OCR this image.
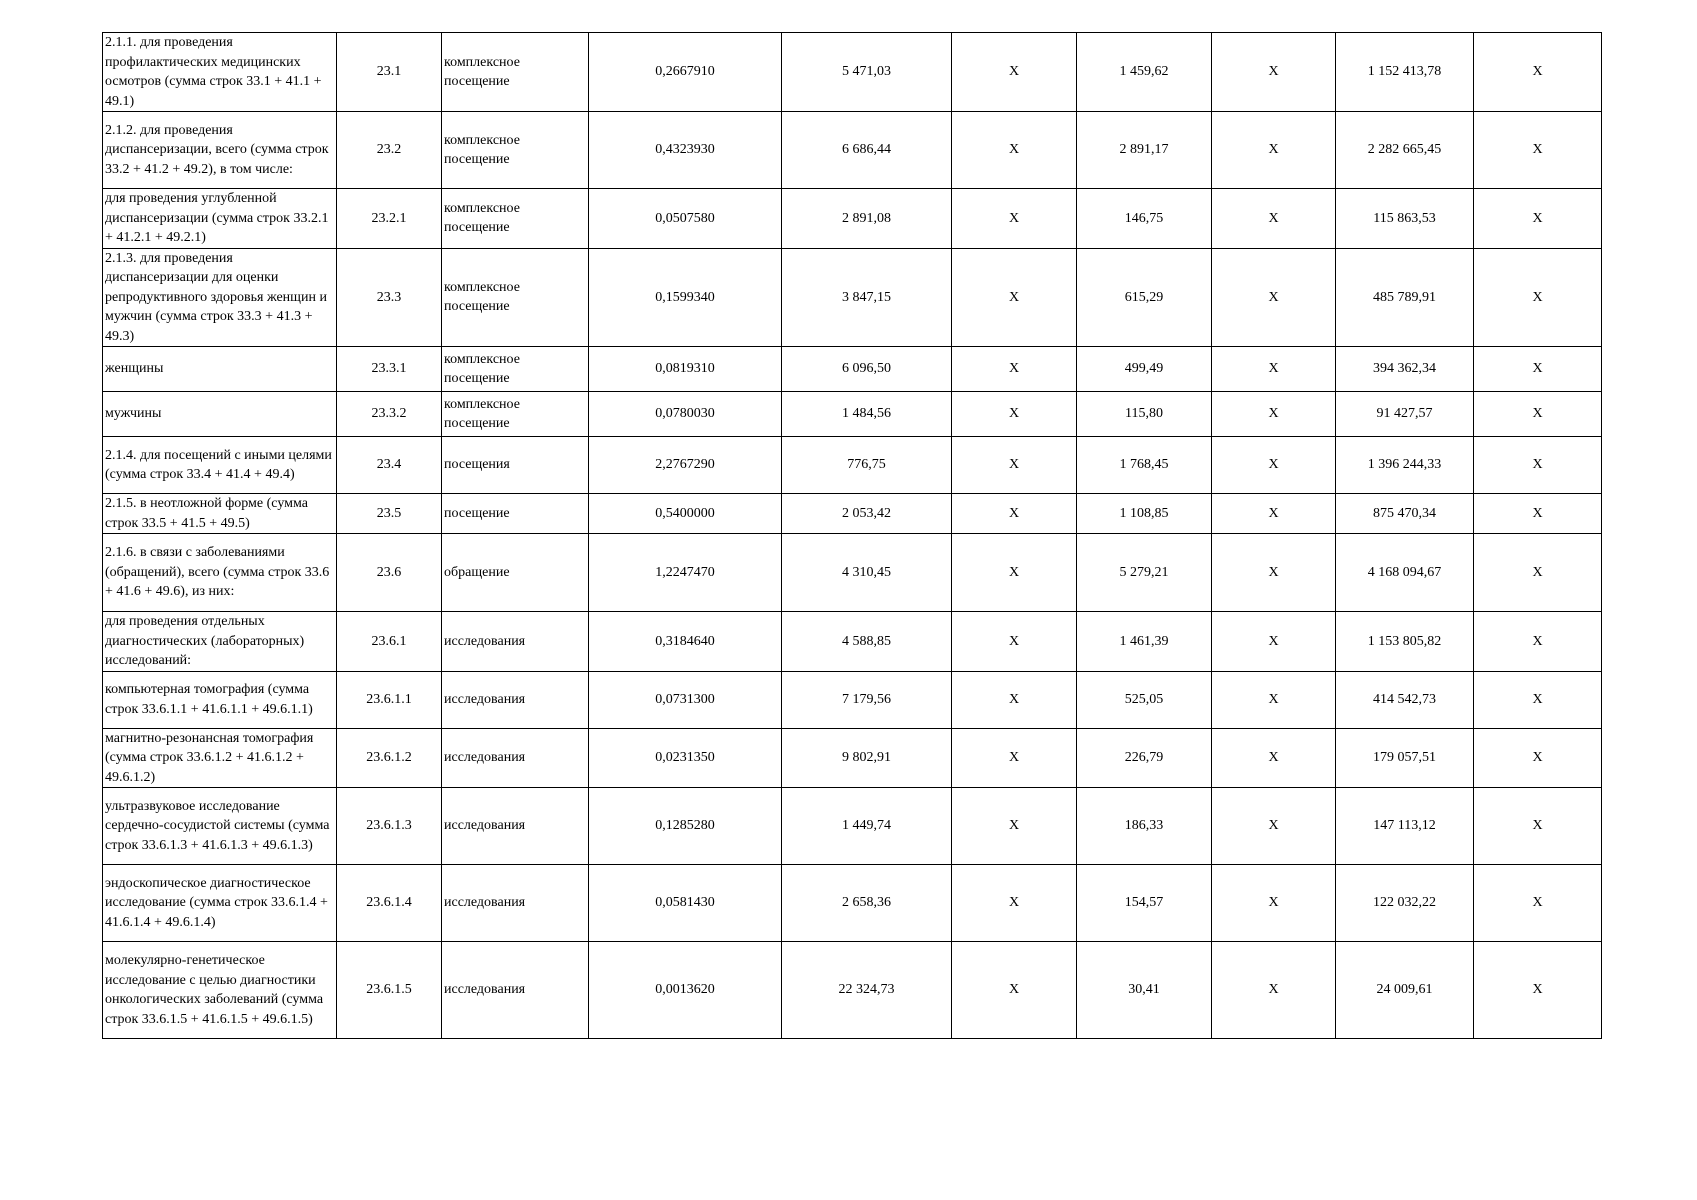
2.1.1. для проведения профилактических медицинских осмотров (сумма строк 33.1 + 41.1 + 49.1)	23.1	комплексное посещение	0,2667910	5 471,03	X	1 459,62	X	1 152 413,78	X
2.1.2. для проведения диспансеризации, всего (сумма строк 33.2 + 41.2 + 49.2), в том числе:	23.2	комплексное посещение	0,4323930	6 686,44	X	2 891,17	X	2 282 665,45	X
для проведения углубленной диспансеризации (сумма строк 33.2.1 + 41.2.1 + 49.2.1)	23.2.1	комплексное посещение	0,0507580	2 891,08	X	146,75	X	115 863,53	X
2.1.3. для проведения диспансеризации для оценки репродуктивного здоровья женщин и мужчин (сумма строк 33.3 + 41.3 + 49.3)	23.3	комплексное посещение	0,1599340	3 847,15	X	615,29	X	485 789,91	X
женщины	23.3.1	комплексное посещение	0,0819310	6 096,50	X	499,49	X	394 362,34	X
мужчины	23.3.2	комплексное посещение	0,0780030	1 484,56	X	115,80	X	91 427,57	X
2.1.4. для посещений с иными целями (сумма строк 33.4 + 41.4 + 49.4)	23.4	посещения	2,2767290	776,75	X	1 768,45	X	1 396 244,33	X
2.1.5. в неотложной форме (сумма строк 33.5 + 41.5 + 49.5)	23.5	посещение	0,5400000	2 053,42	X	1 108,85	X	875 470,34	X
2.1.6. в связи с заболеваниями (обращений), всего (сумма строк 33.6 + 41.6 + 49.6), из них:	23.6	обращение	1,2247470	4 310,45	X	5 279,21	X	4 168 094,67	X
для проведения отдельных диагностических (лабораторных) исследований:	23.6.1	исследования	0,3184640	4 588,85	X	1 461,39	X	1 153 805,82	X
компьютерная томография (сумма строк 33.6.1.1 + 41.6.1.1 + 49.6.1.1)	23.6.1.1	исследования	0,0731300	7 179,56	X	525,05	X	414 542,73	X
магнитно-резонансная томография (сумма строк 33.6.1.2 + 41.6.1.2 + 49.6.1.2)	23.6.1.2	исследования	0,0231350	9 802,91	X	226,79	X	179 057,51	X
ультразвуковое исследование сердечно-сосудистой системы (сумма строк 33.6.1.3 + 41.6.1.3 + 49.6.1.3)	23.6.1.3	исследования	0,1285280	1 449,74	X	186,33	X	147 113,12	X
эндоскопическое диагностическое исследование (сумма строк 33.6.1.4 + 41.6.1.4 + 49.6.1.4)	23.6.1.4	исследования	0,0581430	2 658,36	X	154,57	X	122 032,22	X
молекулярно-генетическое исследование с целью диагностики онкологических заболеваний (сумма строк 33.6.1.5 + 41.6.1.5 + 49.6.1.5)	23.6.1.5	исследования	0,0013620	22 324,73	X	30,41	X	24 009,61	X
